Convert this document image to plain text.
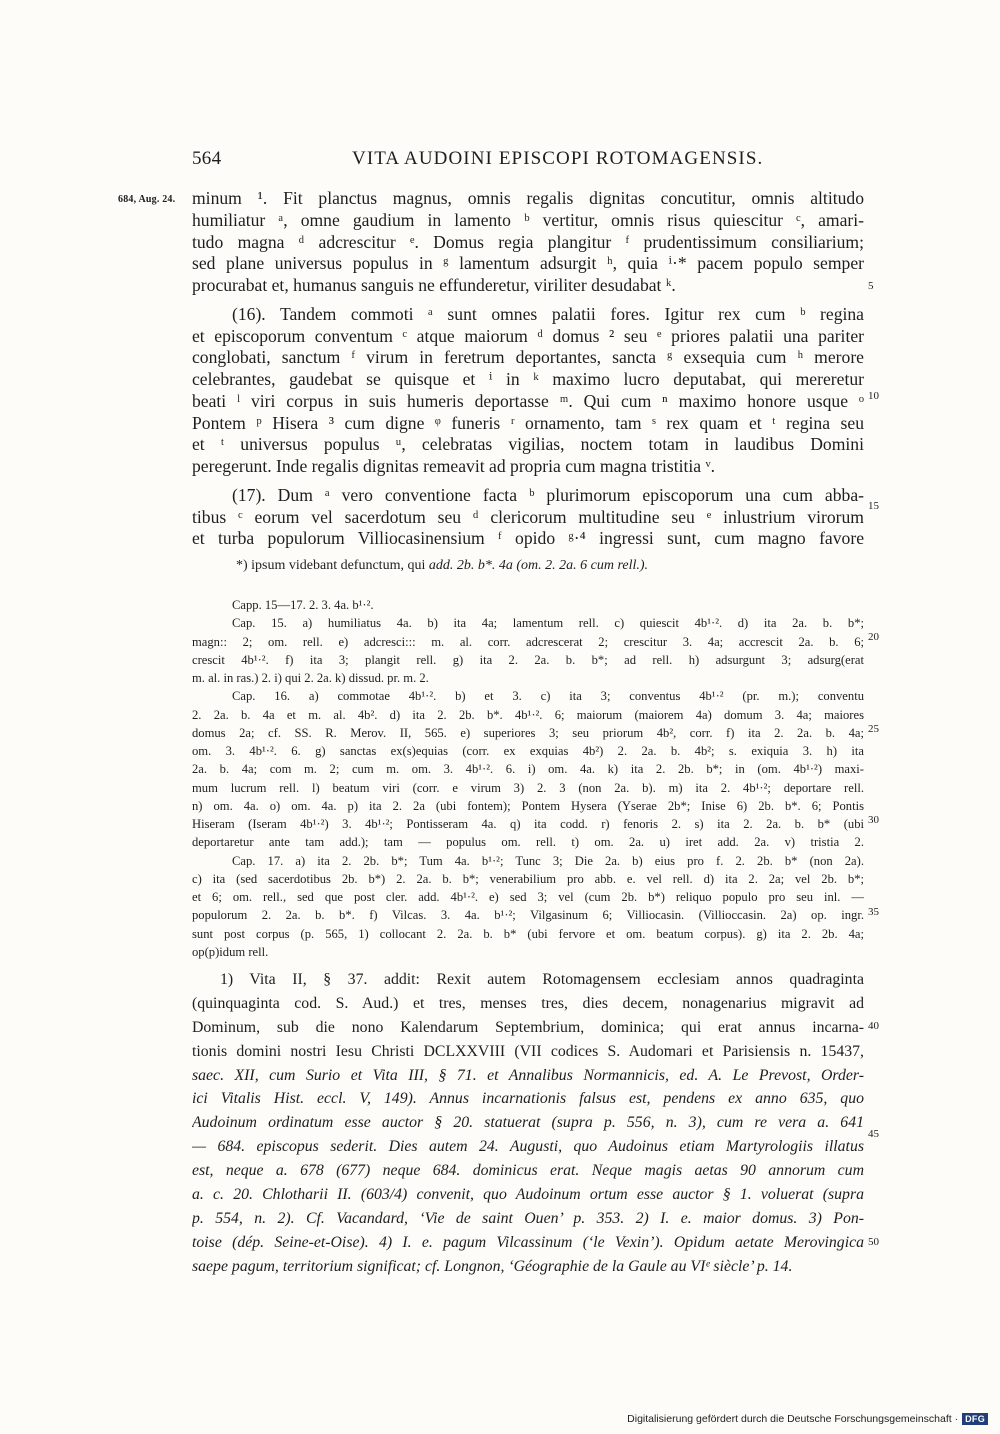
564	VITA AUDOINI EPISCOPI ROTOMAGENSIS.
684, Aug. 24. minum ¹. Fit planctus magnus, omnis regalis dignitas concutitur, omnis altitudo
humiliatur ᵃ, omne gaudium in lamento ᵇ vertitur, omnis risus quiescitur ᶜ, amari-
tudo magna ᵈ adcrescitur ᵉ. Domus regia plangitur ᶠ prudentissimum consiliarium;
sed plane universus populus in ᵍ lamentum adsurgit ʰ, quia ⁱ·* pacem populo semper
procurabat et, humanus sanguis ne effunderetur, viriliter desudabat ᵏ.
(16). Tandem commoti ᵃ sunt omnes palatii fores. Igitur rex cum ᵇ regina
et episcoporum conventum ᶜ atque maiorum ᵈ domus ² seu ᵉ priores palatii una pariter
conglobati, sanctum ᶠ virum in feretrum deportantes, sancta ᵍ exsequia cum ʰ merore
celebrantes, gaudebat se quisque et ⁱ in ᵏ maximo lucro deputabat, qui mereretur
beati ˡ viri corpus in suis humeris deportasse ᵐ. Qui cum ⁿ maximo honore usque ᵒ
Pontem ᵖ Hisera ³ cum digne ᵠ funeris ʳ ornamento, tam ˢ rex quam et ᵗ regina seu
et ᵗ universus populus ᵘ, celebratas vigilias, noctem totam in laudibus Domini
peregerunt. Inde regalis dignitas remeavit ad propria cum magna tristitia ᵛ.
(17). Dum ᵃ vero conventione facta ᵇ plurimorum episcoporum una cum abba-
tibus ᶜ eorum vel sacerdotum seu ᵈ clericorum multitudine seu ᵉ inlustrium virorum
et turba populorum Villiocasinensium ᶠ opido ᵍ·⁴ ingressi sunt, cum magno favore
*) ipsum videbant defunctum, qui add. 2b. b*. 4a (om. 2. 2a. 6 cum rell.).
Capp. 15—17. 2. 3. 4a. b¹·².
Cap. 15. a) humiliatus 4a. b) ita 4a; lamentum rell. c) quiescit 4b¹·². d) ita 2a. b. b*;
magn:: 2; om. rell. e) adcresci::: m. al. corr. adcrescerat 2; crescitur 3. 4a; accrescit 2a. b. 6;
crescit 4b¹·². f) ita 3; plangit rell. g) ita 2. 2a. b. b*; ad rell. h) adsurgunt 3; adsurg(erat
m. al. in ras.) 2. i) qui 2. 2a. k) dissud. pr. m. 2.
Cap. 16. a) commotae 4b¹·². b) et 3. c) ita 3; conventus 4b¹·² (pr. m.); conventu
2. 2a. b. 4a et m. al. 4b². d) ita 2. 2b. b*. 4b¹·². 6; maiorum (maiorem 4a) domum 3. 4a; maiores
domus 2a; cf. SS. R. Merov. II, 565. e) superiores 3; seu priorum 4b², corr. f) ita 2. 2a. b. 4a;
om. 3. 4b¹·². 6. g) sanctas ex(s)equias (corr. ex exquias 4b²) 2. 2a. b. 4b²; s. exiquia 3. h) ita
2a. b. 4a; com m. 2; cum m. om. 3. 4b¹·². 6. i) om. 4a. k) ita 2. 2b. b*; in (om. 4b¹·²) maxi-
mum lucrum rell. l) beatum viri (corr. e virum 3) 2. 3 (non 2a. b). m) ita 2. 4b¹·²; deportare rell.
n) om. 4a. o) om. 4a. p) ita 2. 2a (ubi fontem); Pontem Hysera (Yserae 2b*; Inise 6) 2b. b*. 6; Pontis
Hiseram (Iseram 4b¹·²) 3. 4b¹·²; Pontisseram 4a. q) ita codd. r) fenoris 2. s) ita 2. 2a. b. b* (ubi
deportaretur ante tam add.); tam — populus om. rell. t) om. 2a. u) iret add. 2a. v) tristia 2.
Cap. 17. a) ita 2. 2b. b*; Tum 4a. b¹·²; Tunc 3; Die 2a. b) eius pro f. 2. 2b. b* (non 2a).
c) ita (sed sacerdotibus 2b. b*) 2. 2a. b. b*; venerabilium pro abb. e. vel rell. d) ita 2. 2a; vel 2b. b*;
et 6; om. rell., sed que post cler. add. 4b¹·². e) sed 3; vel (cum 2b. b*) reliquo populo pro seu inl. —
populorum 2. 2a. b. b*. f) Vilcas. 3. 4a. b¹·²; Vilgasinum 6; Villiocasin. (Villioccasin. 2a) op. ingr.
sunt post corpus (p. 565, 1) collocant 2. 2a. b. b* (ubi fervore et om. beatum corpus). g) ita 2. 2b. 4a;
op(p)idum rell.
1) Vita II, § 37. addit: Rexit autem Rotomagensem ecclesiam annos quadraginta
(quinquaginta cod. S. Aud.) et tres, menses tres, dies decem, nonagenarius migravit ad
Dominum, sub die nono Kalendarum Septembrium, dominica; qui erat annus incarna-
tionis domini nostri Iesu Christi DCLXXVIII (VII codices S. Audomari et Parisiensis n. 15437,
saec. XII, cum Surio et Vita III, § 71. et Annalibus Normannicis, ed. A. Le Prevost, Order-
ici Vitalis Hist. eccl. V, 149). Annus incarnationis falsus est, pendens ex anno 635, quo
Audoinum ordinatum esse auctor § 20. statuerat (supra p. 556, n. 3), cum re vera a. 641
— 684. episcopus sederit. Dies autem 24. Augusti, quo Audoinus etiam Martyrologiis illatus
est, neque a. 678 (677) neque 684. dominicus erat. Neque magis aetas 90 annorum cum
a. c. 20. Chlotharii II. (603/4) convenit, quo Audoinum ortum esse auctor § 1. voluerat (supra
p. 554, n. 2). Cf. Vacandard, ‘Vie de saint Ouen’ p. 353. 2) I. e. maior domus. 3) Pon-
toise (dép. Seine-et-Oise). 4) I. e. pagum Vilcassinum (‘le Vexin’). Opidum aetate Merovingica
saepe pagum, territorium significat; cf. Longnon, ‘Géographie de la Gaule au VIᵉ siècle’ p. 14.
5
10
15
20
25
30
35
40
45
50
Digitalisierung gefördert durch die Deutsche Forschungsgemeinschaft · DFG
